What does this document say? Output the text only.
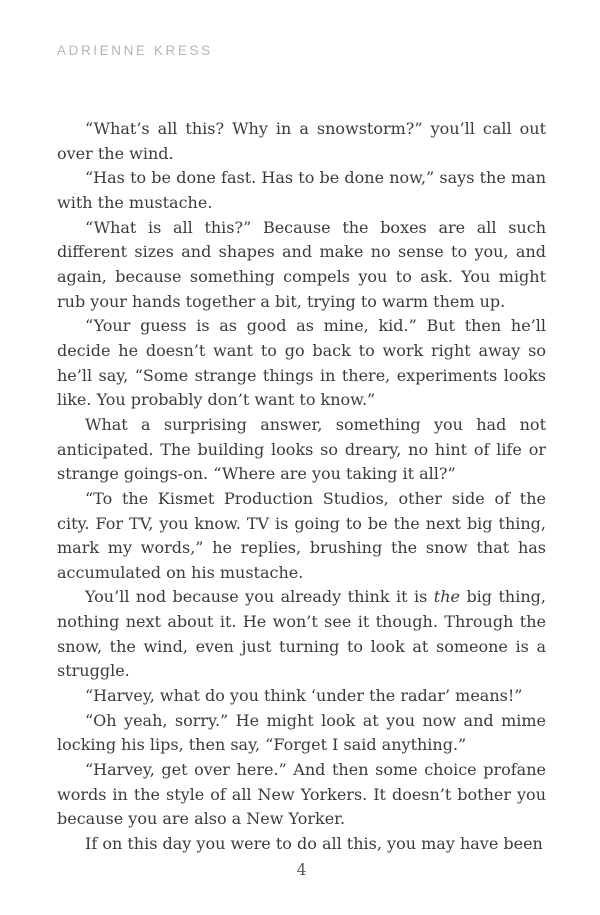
ADRIENNE KRESS

“What’s all this? Why in a snowstorm?” you’ll call out over the wind.

“Has to be done fast. Has to be done now,” says the man with the mustache.

“What is all this?” Because the boxes are all such different sizes and shapes and make no sense to you, and again, because something compels you to ask. You might rub your hands together a bit, trying to warm them up.

“Your guess is as good as mine, kid.” But then he’ll decide he doesn’t want to go back to work right away so he’ll say, “Some strange things in there, experiments looks like. You probably don’t want to know.”

What a surprising answer, something you had not anticipated. The building looks so dreary, no hint of life or strange goings-on. “Where are you taking it all?”

“To the Kismet Production Studios, other side of the city. For TV, you know. TV is going to be the next big thing, mark my words,” he replies, brushing the snow that has accumulated on his mustache.

You’ll nod because you already think it is the big thing, nothing next about it. He won’t see it though. Through the snow, the wind, even just turning to look at someone is a struggle.

“Harvey, what do you think ‘under the radar’ means!”

“Oh yeah, sorry.” He might look at you now and mime locking his lips, then say, “Forget I said anything.”

“Harvey, get over here.” And then some choice profane words in the style of all New Yorkers. It doesn’t bother you because you are also a New Yorker.

If on this day you were to do all this, you may have been

4
